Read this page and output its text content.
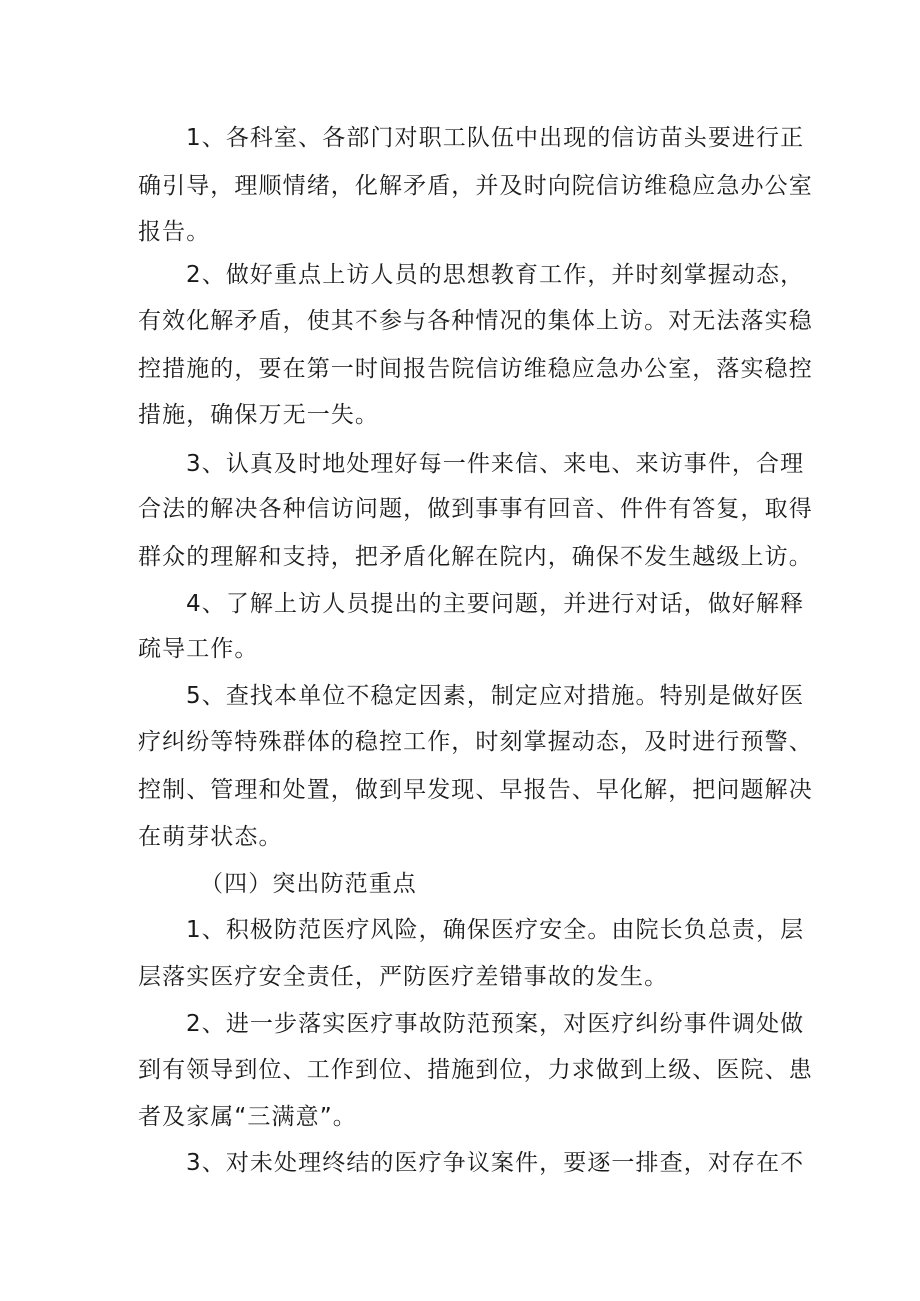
1、各科室、各部门对职工队伍中出现的信访苗头要进行正
确引导，理顺情绪，化解矛盾，并及时向院信访维稳应急办公室
报告。
2、做好重点上访人员的思想教育工作，并时刻掌握动态，
有效化解矛盾，使其不参与各种情况的集体上访。对无法落实稳
控措施的，要在第一时间报告院信访维稳应急办公室，落实稳控
措施，确保万无一失。
3、认真及时地处理好每一件来信、来电、来访事件，合理
合法的解决各种信访问题，做到事事有回音、件件有答复，取得
群众的理解和支持，把矛盾化解在院内，确保不发生越级上访。
4、了解上访人员提出的主要问题，并进行对话，做好解释
疏导工作。
5、查找本单位不稳定因素，制定应对措施。特别是做好医
疗纠纷等特殊群体的稳控工作，时刻掌握动态，及时进行预警、
控制、管理和处置，做到早发现、早报告、早化解，把问题解决
在萌芽状态。
（四）突出防范重点
1、积极防范医疗风险，确保医疗安全。由院长负总责，层
层落实医疗安全责任，严防医疗差错事故的发生。
2、进一步落实医疗事故防范预案，对医疗纠纷事件调处做
到有领导到位、工作到位、措施到位，力求做到上级、医院、患
者及家属“三满意”。
3、对未处理终结的医疗争议案件，要逐一排查，对存在不
